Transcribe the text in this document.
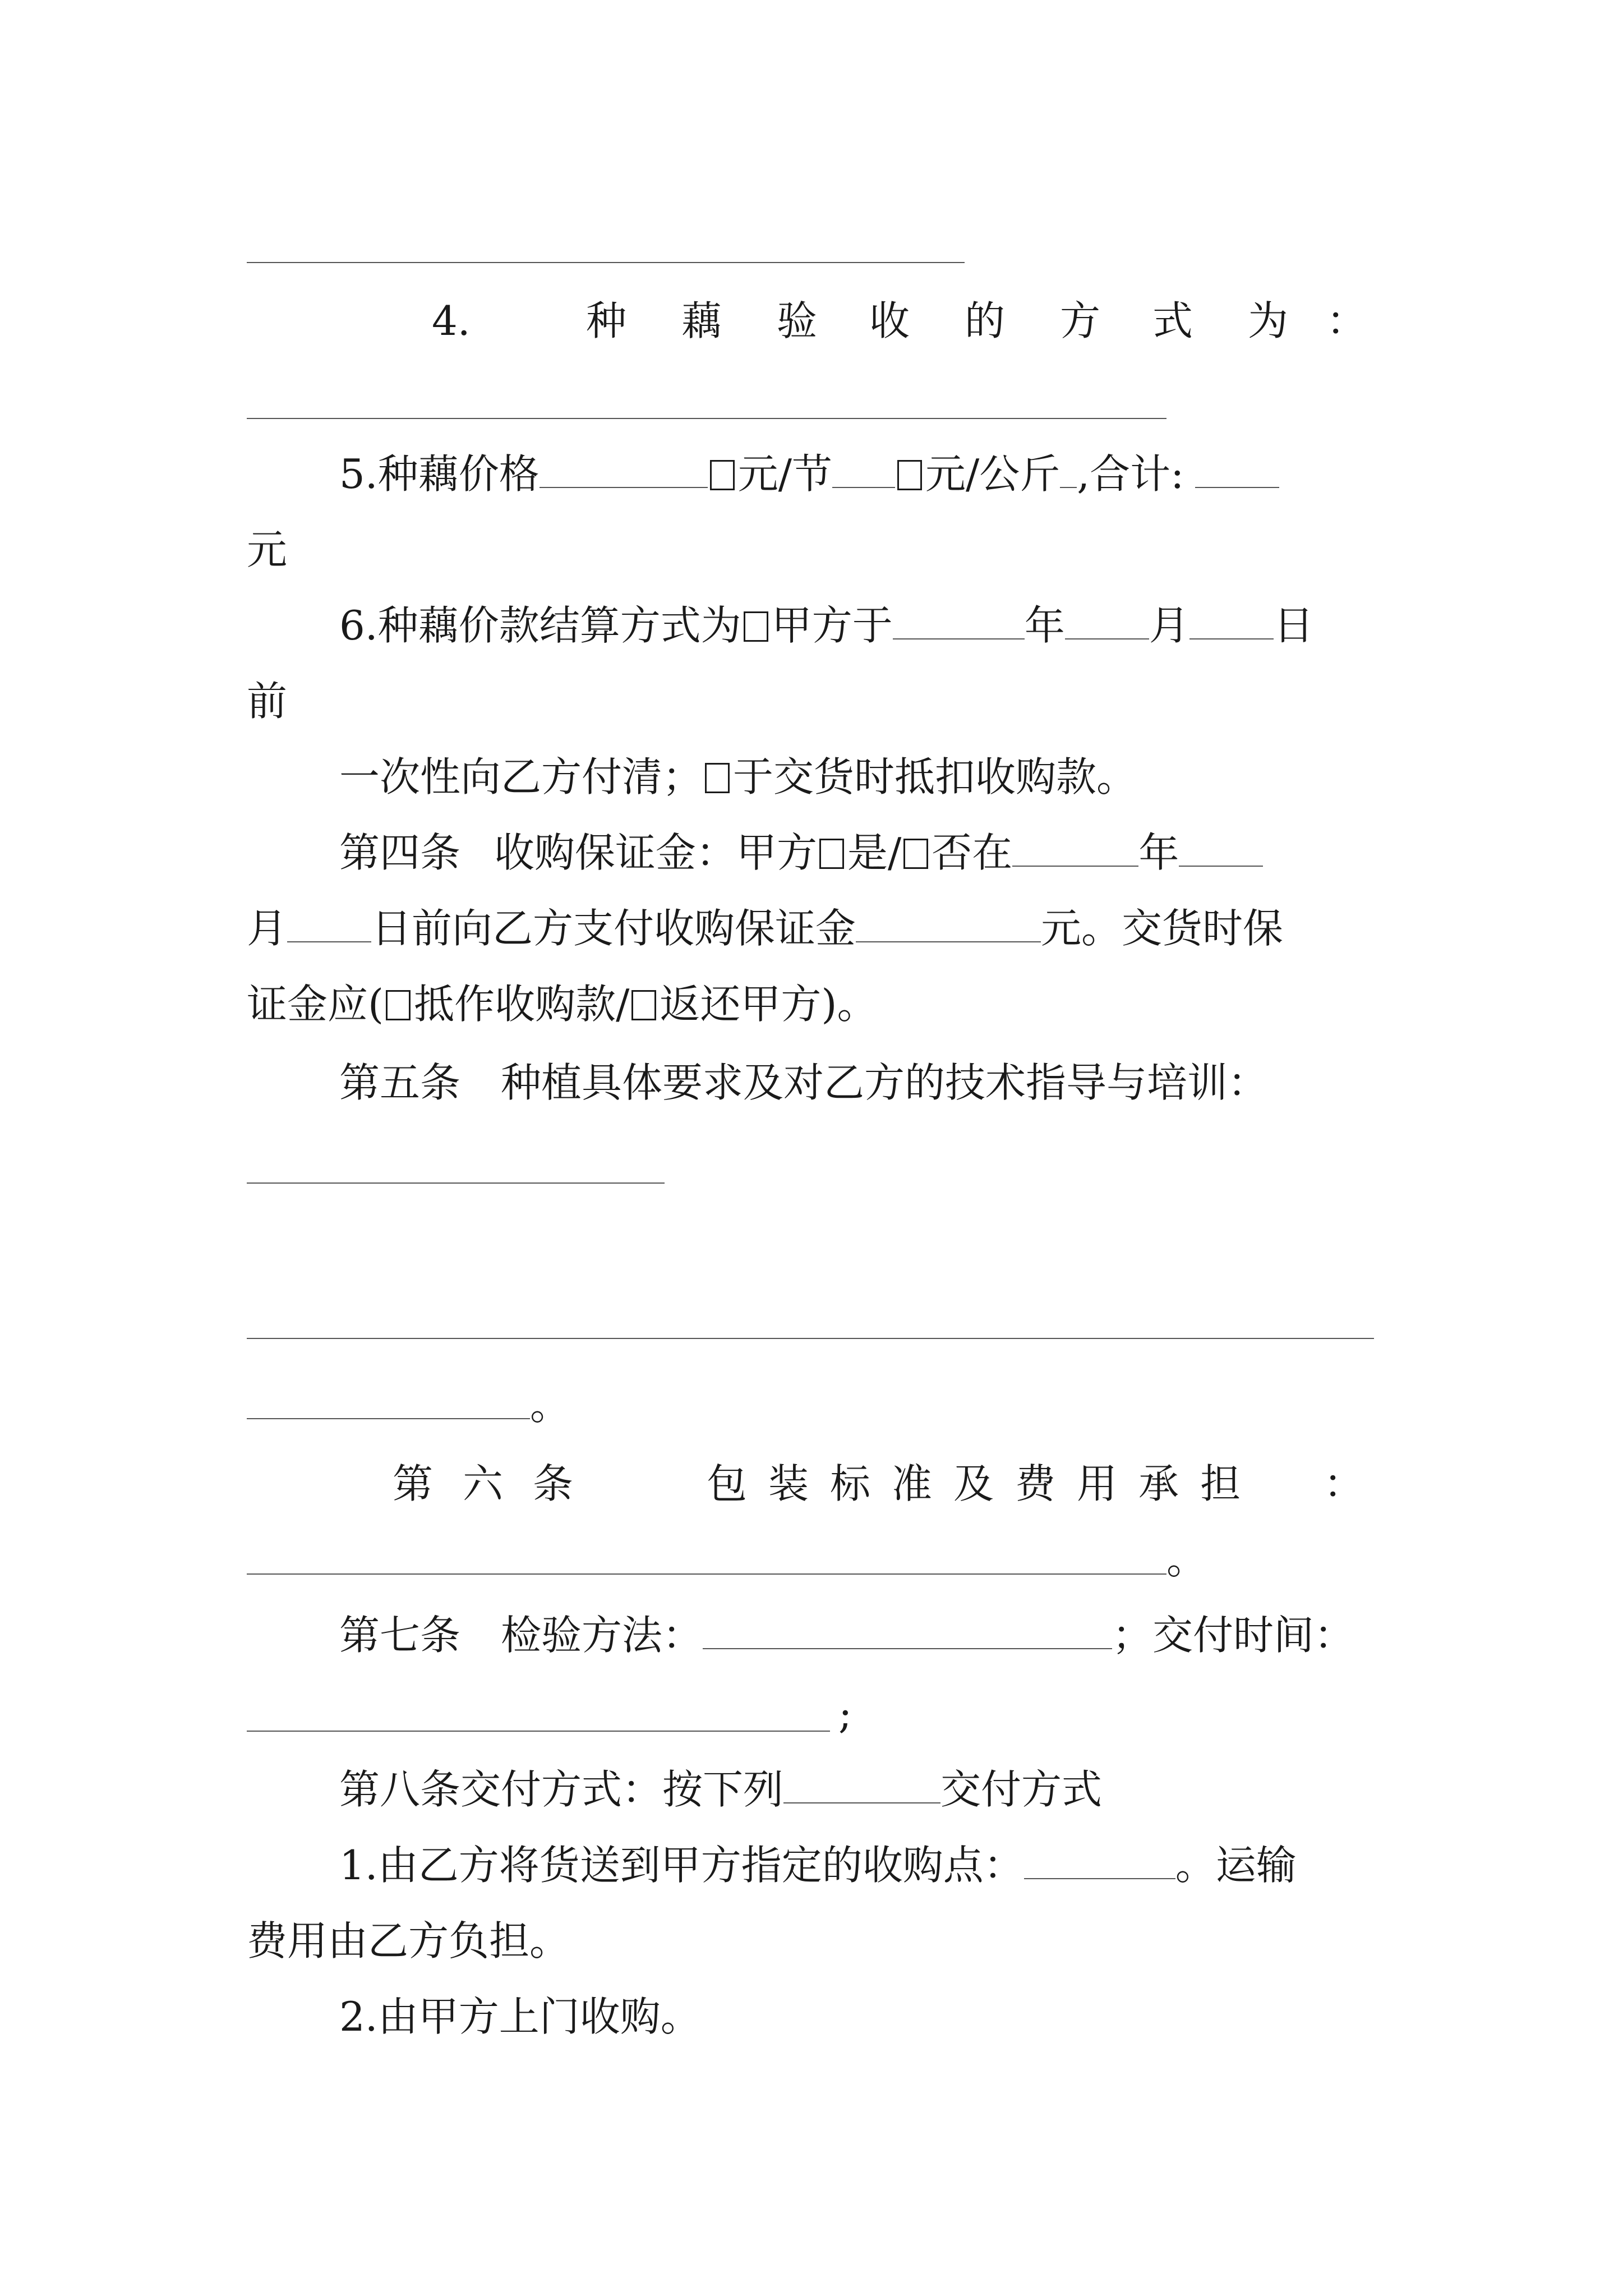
4.	种 藕 验 收 的 方 式 为 ：
5.种藕价格	元/节 元/公斤 ,合计:
元
6.种藕价款结算方式为 甲方于	年 月 日
前
一次性向乙方付清； 于交货时抵扣收购款。
第四条 收购保证金：甲方 是/ 否在	年
月 日前向乙方支付收购保证金	元。交货时保
证金应( 抵作收购款/ 返还甲方)。
第五条　种植具体要求及对乙方的技术指导与培训：
。
第 六 条	包 装 标 准 及 费 用 承 担 ：
。
第七条　检验方法：	；交付时间：
;
第八条交付方式：按下列	交付方式
1.由乙方将货送到甲方指定的收购点：	。运输
费用由乙方负担。
2.由甲方上门收购。
